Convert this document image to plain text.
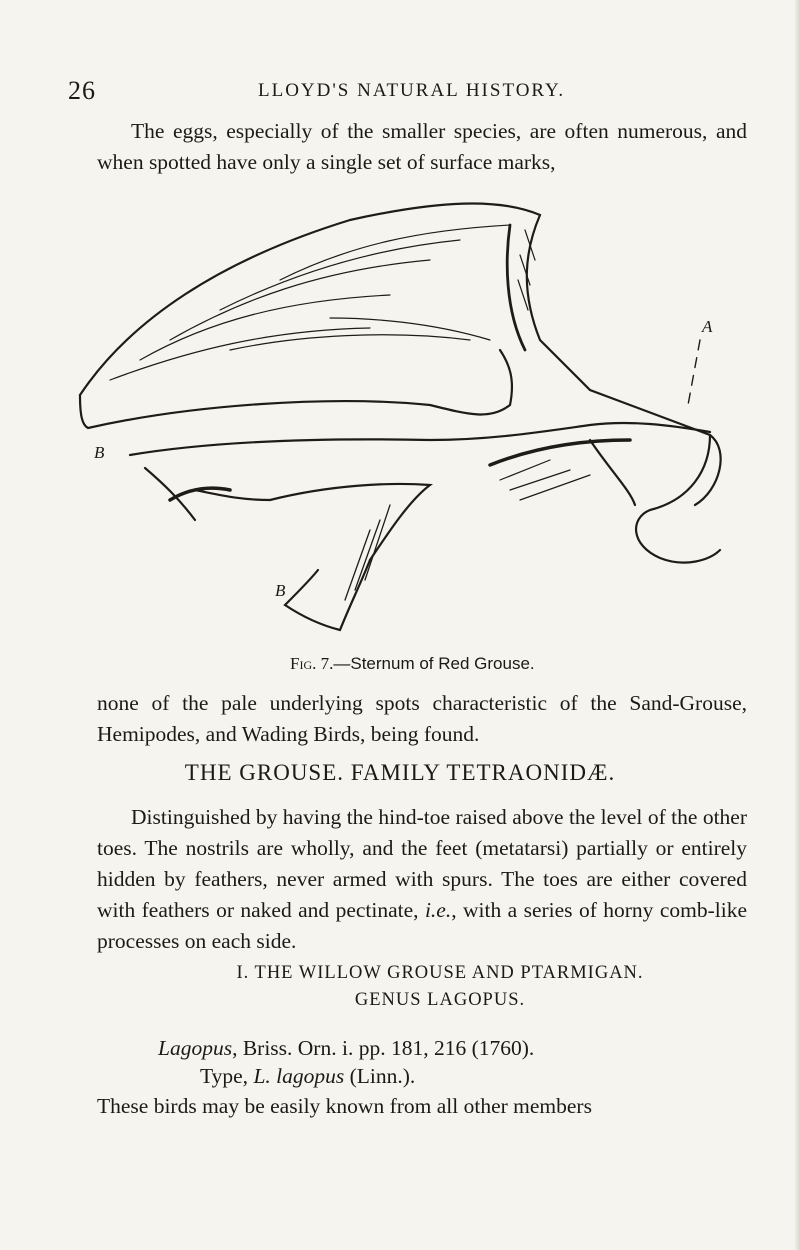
26	LLOYD'S NATURAL HISTORY.

The eggs, especially of the smaller species, are often numerous, and when spotted have only a single set of surface marks,

A
B
B
Fig. 7.—Sternum of Red Grouse.

none of the pale underlying spots characteristic of the Sand-Grouse, Hemipodes, and Wading Birds, being found.

THE GROUSE. FAMILY TETRAONIDÆ.

Distinguished by having the hind-toe raised above the level of the other toes. The nostrils are wholly, and the feet (metatarsi) partially or entirely hidden by feathers, never armed with spurs. The toes are either covered with feathers or naked and pectinate, i.e., with a series of horny comb-like processes on each side.

I. THE WILLOW GROUSE AND PTARMIGAN.
GENUS LAGOPUS.
Lagopus, Briss. Orn. i. pp. 181, 216 (1760).
Type, L. lagopus (Linn.).
These birds may be easily known from all other members
